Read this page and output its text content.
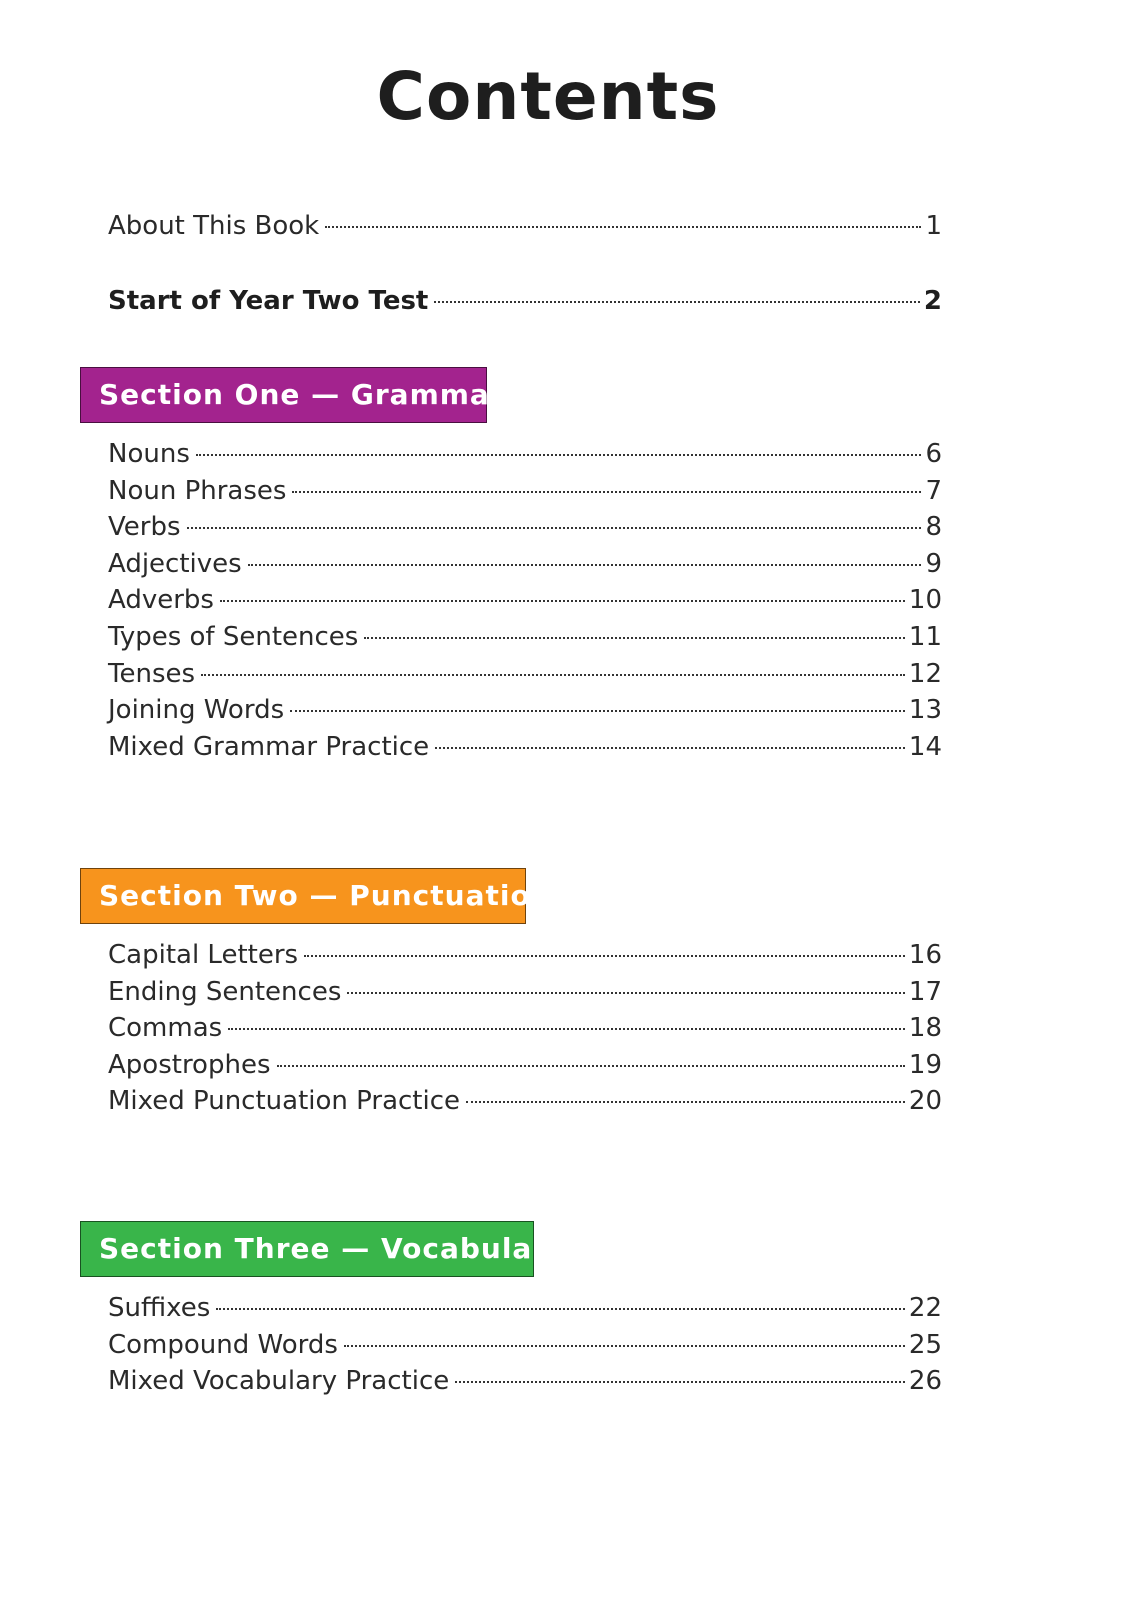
Contents
About This Book	1
Start of Year Two Test	2
Section One — Grammar
Nouns	6
Noun Phrases	7
Verbs	8
Adjectives	9
Adverbs	10
Types of Sentences	11
Tenses	12
Joining Words	13
Mixed Grammar Practice	14
Section Two — Punctuation
Capital Letters	16
Ending Sentences	17
Commas	18
Apostrophes	19
Mixed Punctuation Practice	20
Section Three — Vocabulary
Suffixes	22
Compound Words	25
Mixed Vocabulary Practice	26
